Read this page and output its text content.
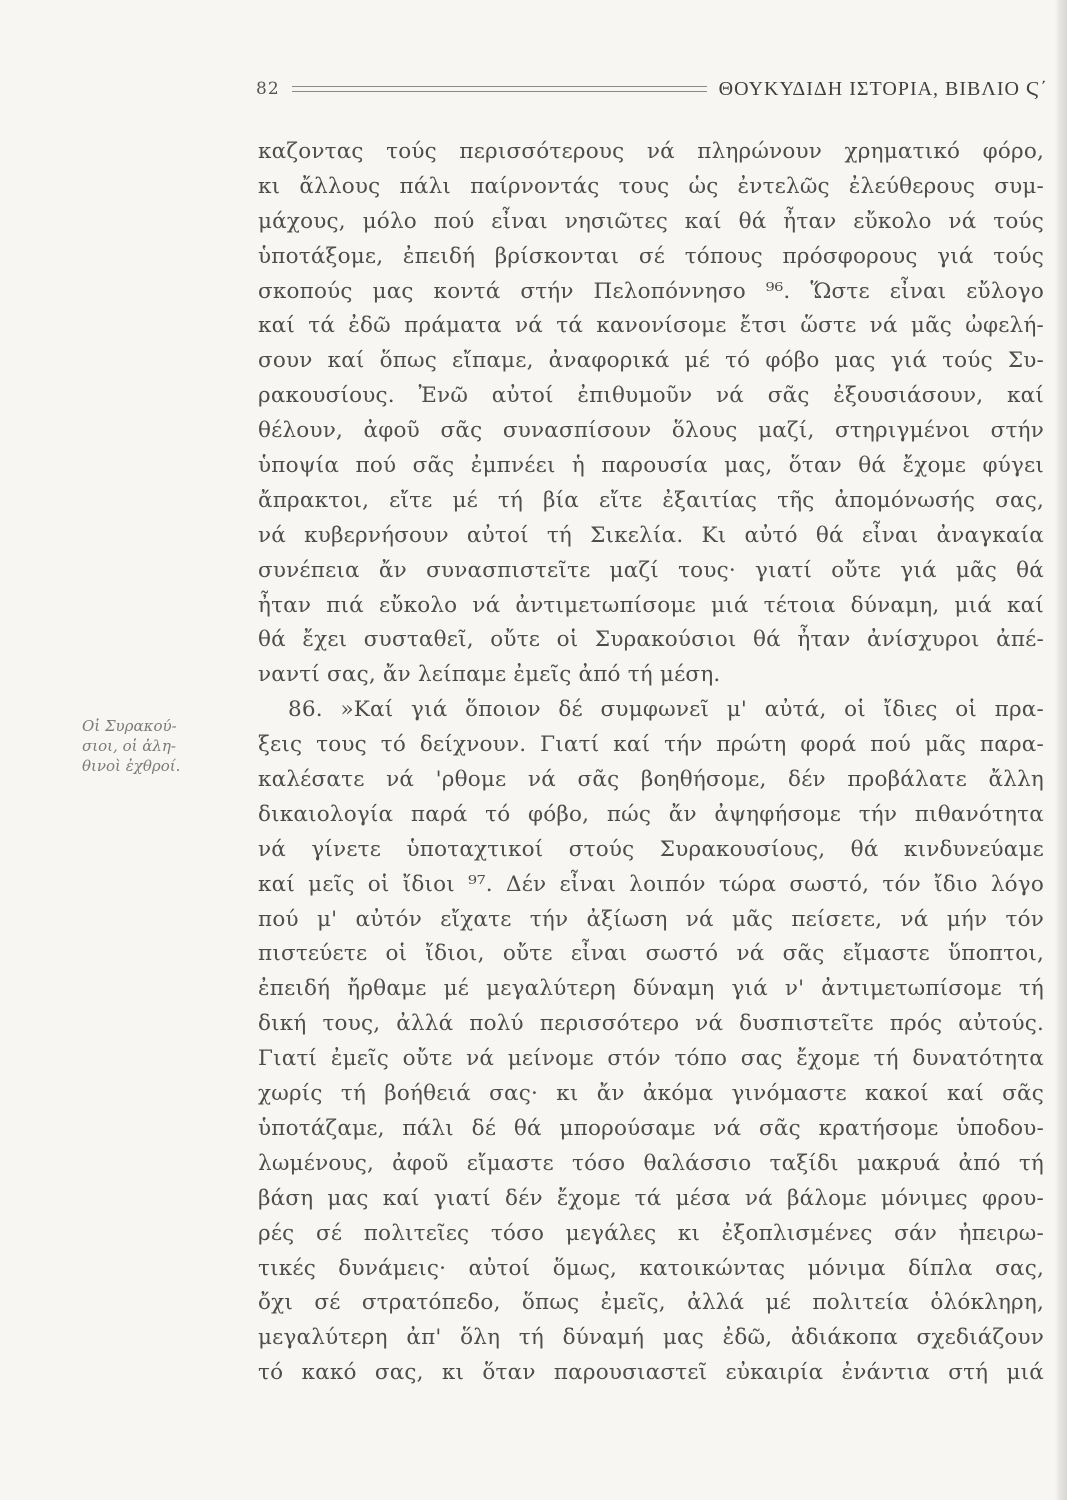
82	ΘΟΥΚΥΔΙΔΗ ΙΣΤΟΡΙΑ, ΒΙΒΛΙΟ Ϛ΄
Οἱ Συρακού-
σιοι, οἱ ἀλη-
θινοὶ ἐχθροί.
καζοντας τούς περισσότερους νά πληρώνουν χρηματικό φόρο,
κι ἄλλους πάλι παίρνοντάς τους ὡς ἐντελῶς ἐλεύθερους συμ-
μάχους, μόλο πού εἶναι νησιῶτες καί θά ἦταν εὔκολο νά τούς
ὑποτάξομε, ἐπειδή βρίσκονται σέ τόπους πρόσφορους γιά τούς
σκοπούς μας κοντά στήν Πελοπόννησο ⁹⁶. Ὥστε εἶναι εὔλογο
καί τά ἐδῶ πράματα νά τά κανονίσομε ἔτσι ὥστε νά μᾶς ὠφελή-
σουν καί ὅπως εἴπαμε, ἀναφορικά μέ τό φόβο μας γιά τούς Συ-
ρακουσίους. Ἐνῶ αὐτοί ἐπιθυμοῦν νά σᾶς ἐξουσιάσουν, καί
θέλουν, ἀφοῦ σᾶς συνασπίσουν ὅλους μαζί, στηριγμένοι στήν
ὑποψία πού σᾶς ἐμπνέει ἡ παρουσία μας, ὅταν θά ἔχομε φύγει
ἄπρακτοι, εἴτε μέ τή βία εἴτε ἐξαιτίας τῆς ἀπομόνωσής σας,
νά κυβερνήσουν αὐτοί τή Σικελία. Κι αὐτό θά εἶναι ἀναγκαία
συνέπεια ἄν συνασπιστεῖτε μαζί τους· γιατί οὔτε γιά μᾶς θά
ἦταν πιά εὔκολο νά ἀντιμετωπίσομε μιά τέτοια δύναμη, μιά καί
θά ἔχει συσταθεῖ, οὔτε οἱ Συρακούσιοι θά ἦταν ἀνίσχυροι ἀπέ-
ναντί σας, ἄν λείπαμε ἐμεῖς ἀπό τή μέση.
86. »Καί γιά ὅποιον δέ συμφωνεῖ μ' αὐτά, οἱ ἴδιες οἱ πρα-
ξεις τους τό δείχνουν. Γιατί καί τήν πρώτη φορά πού μᾶς παρα-
καλέσατε νά 'ρθομε νά σᾶς βοηθήσομε, δέν προβάλατε ἄλλη
δικαιολογία παρά τό φόβο, πώς ἄν ἀψηφήσομε τήν πιθανότητα
νά γίνετε ὑποταχτικοί στούς Συρακουσίους, θά κινδυνεύαμε
καί μεῖς οἱ ἴδιοι ⁹⁷. Δέν εἶναι λοιπόν τώρα σωστό, τόν ἴδιο λόγο
πού μ' αὐτόν εἴχατε τήν ἀξίωση νά μᾶς πείσετε, νά μήν τόν
πιστεύετε οἱ ἴδιοι, οὔτε εἶναι σωστό νά σᾶς εἴμαστε ὕποπτοι,
ἐπειδή ἤρθαμε μέ μεγαλύτερη δύναμη γιά ν' ἀντιμετωπίσομε τή
δική τους, ἀλλά πολύ περισσότερο νά δυσπιστεῖτε πρός αὐτούς.
Γιατί ἐμεῖς οὔτε νά μείνομε στόν τόπο σας ἔχομε τή δυνατότητα
χωρίς τή βοήθειά σας· κι ἄν ἀκόμα γινόμαστε κακοί καί σᾶς
ὑποτάζαμε, πάλι δέ θά μπορούσαμε νά σᾶς κρατήσομε ὑποδου-
λωμένους, ἀφοῦ εἴμαστε τόσο θαλάσσιο ταξίδι μακρυά ἀπό τή
βάση μας καί γιατί δέν ἔχομε τά μέσα νά βάλομε μόνιμες φρου-
ρές σέ πολιτεῖες τόσο μεγάλες κι ἐξοπλισμένες σάν ἠπειρω-
τικές δυνάμεις· αὐτοί ὅμως, κατοικώντας μόνιμα δίπλα σας,
ὄχι σέ στρατόπεδο, ὅπως ἐμεῖς, ἀλλά μέ πολιτεία ὁλόκληρη,
μεγαλύτερη ἀπ' ὅλη τή δύναμή μας ἐδῶ, ἀδιάκοπα σχεδιάζουν
τό κακό σας, κι ὅταν παρουσιαστεῖ εὐκαιρία ἐνάντια στή μιά
